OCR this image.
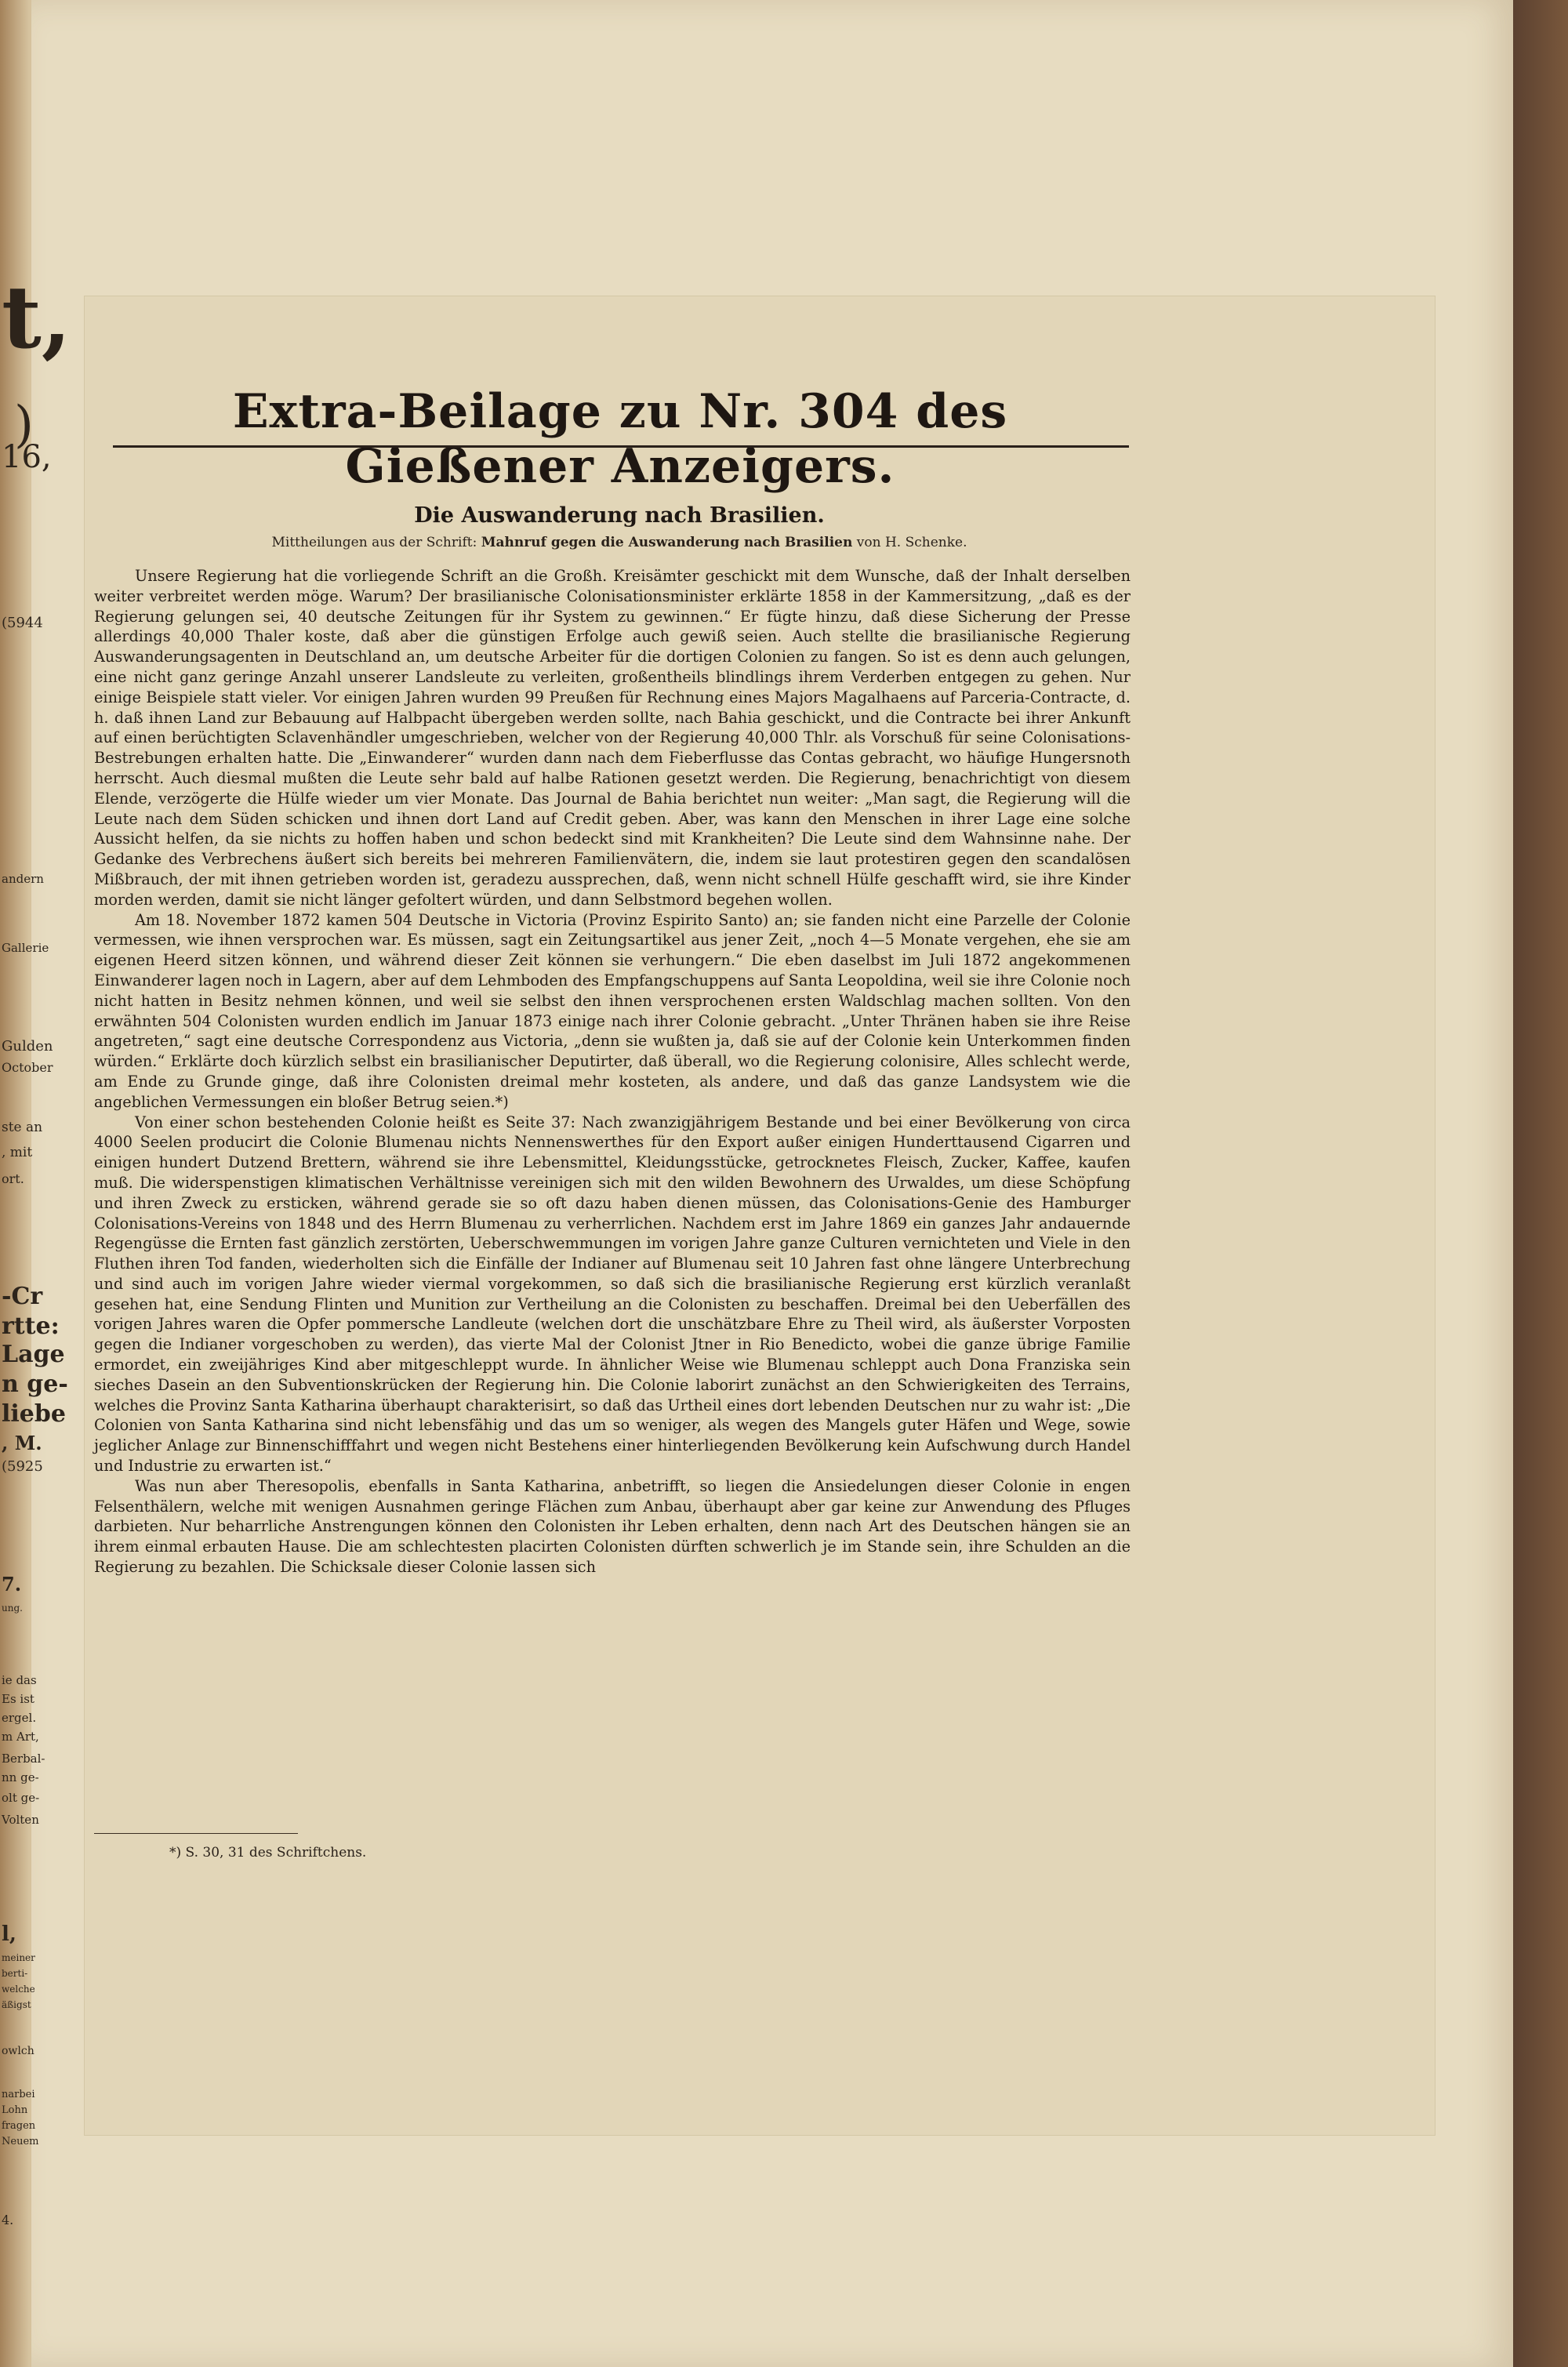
t,
)
16,
(5944
andern
Gallerie
Gulden
October
ste an
, mit
ort.
-Cr
rtte:
Lage
n ge-
liebe
, M.
(5925
7.
ung.
ie das
Es ist
ergel.
m Art,
Berbal-
nn ge-
olt ge-
Volten
l,
meiner
berti-
welche
äßigst
owlch
narbei
Lohn
fragen
Neuem
4.
Extra-Beilage zu Nr. 304 des Gießener Anzeigers.
Die Auswanderung nach Brasilien.
Mittheilungen aus der Schrift: Mahnruf gegen die Auswanderung nach Brasilien von H. Schenke.

Unsere Regierung hat die vorliegende Schrift an die Großh. Kreisämter geschickt mit dem Wunsche, daß der Inhalt derselben weiter verbreitet werden möge. Warum? Der brasilianische Colonisationsminister erklärte 1858 in der Kammersitzung, „daß es der Regierung gelungen sei, 40 deutsche Zeitungen für ihr System zu gewinnen.“ Er fügte hinzu, daß diese Sicherung der Presse allerdings 40,000 Thaler koste, daß aber die günstigen Erfolge auch gewiß seien. Auch stellte die brasilianische Regierung Auswanderungsagenten in Deutschland an, um deutsche Arbeiter für die dortigen Colonien zu fangen. So ist es denn auch gelungen, eine nicht ganz geringe Anzahl unserer Landsleute zu verleiten, großentheils blindlings ihrem Verderben entgegen zu gehen. Nur einige Beispiele statt vieler. Vor einigen Jahren wurden 99 Preußen für Rechnung eines Majors Magalhaens auf Parceria-Contracte, d. h. daß ihnen Land zur Bebauung auf Halbpacht übergeben werden sollte, nach Bahia geschickt, und die Contracte bei ihrer Ankunft auf einen berüchtigten Sclavenhändler umgeschrieben, welcher von der Regierung 40,000 Thlr. als Vorschuß für seine Colonisations-Bestrebungen erhalten hatte. Die „Einwanderer“ wurden dann nach dem Fieberflusse das Contas gebracht, wo häufige Hungersnoth herrscht. Auch diesmal mußten die Leute sehr bald auf halbe Rationen gesetzt werden. Die Regierung, benachrichtigt von diesem Elende, verzögerte die Hülfe wieder um vier Monate. Das Journal de Bahia berichtet nun weiter: „Man sagt, die Regierung will die Leute nach dem Süden schicken und ihnen dort Land auf Credit geben. Aber, was kann den Menschen in ihrer Lage eine solche Aussicht helfen, da sie nichts zu hoffen haben und schon bedeckt sind mit Krankheiten? Die Leute sind dem Wahnsinne nahe. Der Gedanke des Verbrechens äußert sich bereits bei mehreren Familienvätern, die, indem sie laut protestiren gegen den scandalösen Mißbrauch, der mit ihnen getrieben worden ist, geradezu aussprechen, daß, wenn nicht schnell Hülfe geschafft wird, sie ihre Kinder morden werden, damit sie nicht länger gefoltert würden, und dann Selbstmord begehen wollen.

Am 18. November 1872 kamen 504 Deutsche in Victoria (Provinz Espirito Santo) an; sie fanden nicht eine Parzelle der Colonie vermessen, wie ihnen versprochen war. Es müssen, sagt ein Zeitungsartikel aus jener Zeit, „noch 4—5 Monate vergehen, ehe sie am eigenen Heerd sitzen können, und während dieser Zeit können sie verhungern.“ Die eben daselbst im Juli 1872 angekommenen Einwanderer lagen noch in Lagern, aber auf dem Lehmboden des Empfangschuppens auf Santa Leopoldina, weil sie ihre Colonie noch nicht hatten in Besitz nehmen können, und weil sie selbst den ihnen versprochenen ersten Waldschlag machen sollten. Von den erwähnten 504 Colonisten wurden endlich im Januar 1873 einige nach ihrer Colonie gebracht. „Unter Thränen haben sie ihre Reise angetreten,“ sagt eine deutsche Correspondenz aus Victoria, „denn sie wußten ja, daß sie auf der Colonie kein Unterkommen finden würden.“ Erklärte doch kürzlich selbst ein brasilianischer Deputirter, daß überall, wo die Regierung colonisire, Alles schlecht werde, am Ende zu Grunde ginge, daß ihre Colonisten dreimal mehr kosteten, als andere, und daß das ganze Landsystem wie die angeblichen Vermessungen ein bloßer Betrug seien.*)

Von einer schon bestehenden Colonie heißt es Seite 37: Nach zwanzigjährigem Bestande und bei einer Bevölkerung von circa 4000 Seelen producirt die Colonie Blumenau nichts Nennenswerthes für den Export außer einigen Hunderttausend Cigarren und einigen hundert Dutzend Brettern, während sie ihre Lebensmittel, Kleidungsstücke, getrocknetes Fleisch, Zucker, Kaffee, kaufen muß. Die widerspenstigen klimatischen Verhältnisse vereinigen sich mit den wilden Bewohnern des Urwaldes, um diese Schöpfung und ihren Zweck zu ersticken, während gerade sie so oft dazu haben dienen müssen, das Colonisations-Genie des Hamburger Colonisations-Vereins von 1848 und des Herrn Blumenau zu verherrlichen. Nachdem erst im Jahre 1869 ein ganzes Jahr andauernde Regengüsse die Ernten fast gänzlich zerstörten, Ueberschwemmungen im vorigen Jahre ganze Culturen vernichteten und Viele in den Fluthen ihren Tod fanden, wiederholten sich die Einfälle der Indianer auf Blumenau seit 10 Jahren fast ohne längere Unterbrechung und sind auch im vorigen Jahre wieder viermal vorgekommen, so daß sich die brasilianische Regierung erst kürzlich veranlaßt gesehen hat, eine Sendung Flinten und Munition zur Vertheilung an die Colonisten zu beschaffen. Dreimal bei den Ueberfällen des vorigen Jahres waren die Opfer pommersche Landleute (welchen dort die unschätzbare Ehre zu Theil wird, als äußerster Vorposten gegen die Indianer vorgeschoben zu werden), das vierte Mal der Colonist Jtner in Rio Benedicto, wobei die ganze übrige Familie ermordet, ein zweijähriges Kind aber mitgeschleppt wurde. In ähnlicher Weise wie Blumenau schleppt auch Dona Franziska sein sieches Dasein an den Subventionskrücken der Regierung hin. Die Colonie laborirt zunächst an den Schwierigkeiten des Terrains, welches die Provinz Santa Katharina überhaupt charakterisirt, so daß das Urtheil eines dort lebenden Deutschen nur zu wahr ist: „Die Colonien von Santa Katharina sind nicht lebensfähig und das um so weniger, als wegen des Mangels guter Häfen und Wege, sowie jeglicher Anlage zur Binnenschifffahrt und wegen nicht Bestehens einer hinterliegenden Bevölkerung kein Aufschwung durch Handel und Industrie zu erwarten ist.“

Was nun aber Theresopolis, ebenfalls in Santa Katharina, anbetrifft, so liegen die Ansiedelungen dieser Colonie in engen Felsenthälern, welche mit wenigen Ausnahmen geringe Flächen zum Anbau, überhaupt aber gar keine zur Anwendung des Pfluges darbieten. Nur beharrliche Anstrengungen können den Colonisten ihr Leben erhalten, denn nach Art des Deutschen hängen sie an ihrem einmal erbauten Hause. Die am schlechtesten placirten Colonisten dürften schwerlich je im Stande sein, ihre Schulden an die Regierung zu bezahlen. Die Schicksale dieser Colonie lassen sich

*) S. 30, 31 des Schriftchens.
